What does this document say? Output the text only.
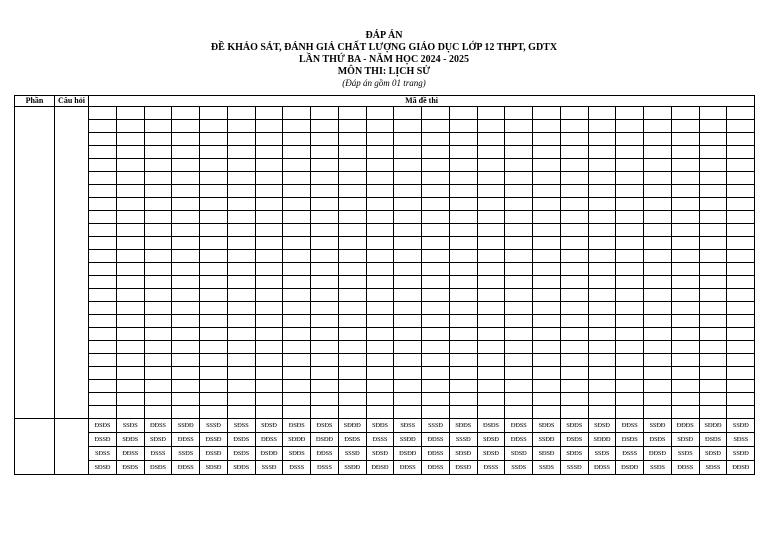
ĐÁP ÁN
ĐỀ KHẢO SÁT, ĐÁNH GIÁ CHẤT LƯỢNG GIÁO DỤC LỚP 12 THPT, GDTX
LẦN THỨ BA - NĂM HỌC 2024 - 2025
MÔN THI: LỊCH SỬ
(Đáp án gồm 01 trang)
Phần	Câu hỏi	Mã đề thi																							

		ĐSĐS	SSĐS	ĐĐSS	SSĐĐ	SSSĐ	SĐSS	SĐSĐ	ĐSĐS	ĐSĐS	SĐĐĐ	SĐĐS	SĐSS	SSSĐ	SĐĐS	ĐSĐS	ĐĐSS	SĐĐS	SĐĐS	SĐSĐ	ĐĐSS	SSĐĐ	ĐĐĐS	SĐĐĐ	SSĐĐ
		ĐSSĐ	SĐĐS	SĐSĐ	ĐĐSS	ĐSSĐ	ĐSĐS	ĐĐSS	SĐĐĐ	ĐSĐĐ	ĐSĐS	ĐSSS	SSĐĐ	ĐĐSS	SSSĐ	SĐSĐ	ĐĐSS	SSĐĐ	ĐSĐS	SĐĐĐ	ĐSĐS	ĐSĐS	SĐSĐ	ĐSĐS	SĐSS
		SĐSS	ĐĐSS	ĐSSS	SSĐS	ĐSSĐ	ĐSĐS	ĐSĐĐ	SĐĐS	ĐĐSS	SSSĐ	SĐSĐ	ĐSĐĐ	ĐĐSS	SĐSĐ	SĐSĐ	SĐSĐ	SĐSĐ	SĐĐS	SSĐS	ĐSSS	ĐĐSĐ	SSĐS	SĐSĐ	SSĐĐ
		SĐSĐ	ĐSĐS	ĐSĐS	ĐĐSS	SĐSĐ	SĐĐS	SSSĐ	ĐSSS	ĐSSS	SSĐĐ	ĐĐSĐ	ĐĐSS	ĐĐSS	ĐSSĐ	ĐSSS	SSĐS	SSĐS	SSSĐ	ĐĐSS	ĐSĐĐ	SSĐS	ĐĐSS	SĐSS	ĐĐSĐ
